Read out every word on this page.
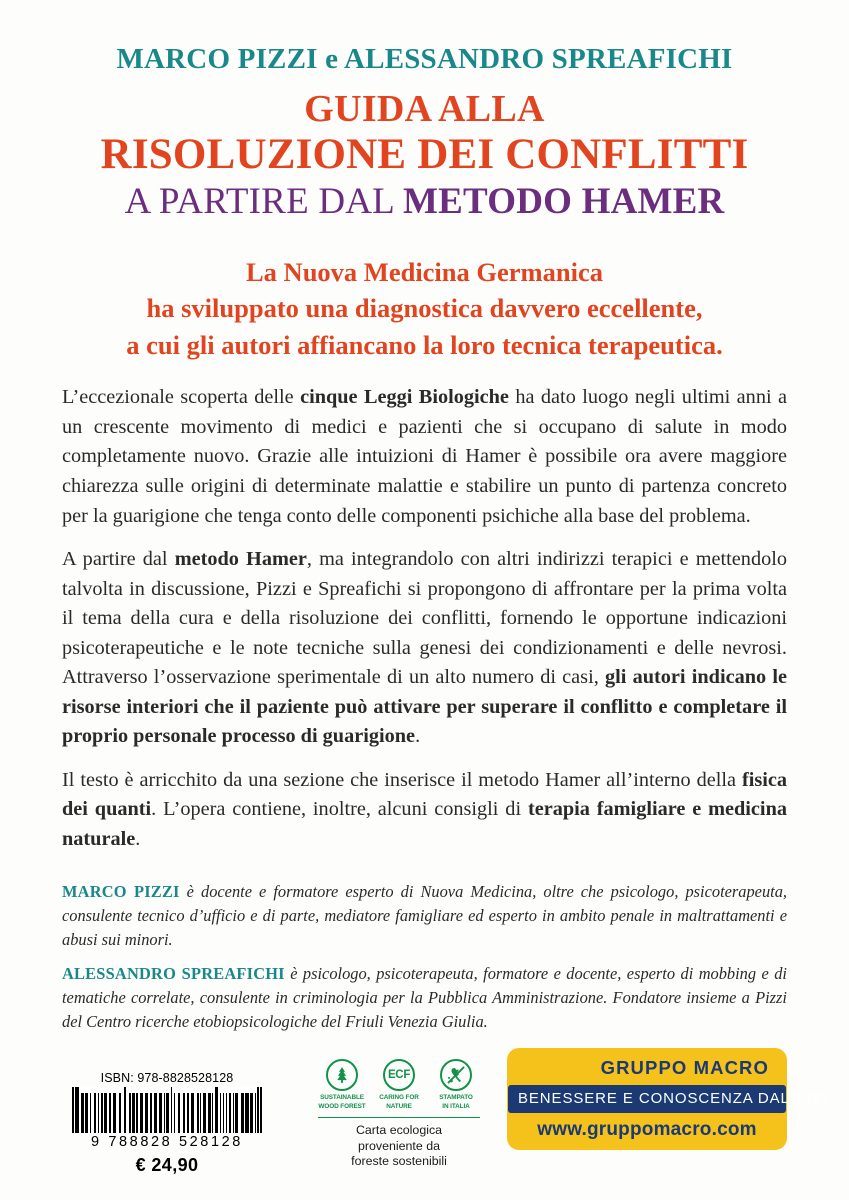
MARCO PIZZI e ALESSANDRO SPREAFICHI
GUIDA ALLA
RISOLUZIONE DEI CONFLITTI
A PARTIRE DAL METODO HAMER
La Nuova Medicina Germanica
ha sviluppato una diagnostica davvero eccellente,
a cui gli autori affiancano la loro tecnica terapeutica.

L’eccezionale scoperta delle cinque Leggi Biologiche ha dato luogo negli ultimi anni a un crescente movimento di medici e pazienti che si occupano di salute in modo completamente nuovo. Grazie alle intuizioni di Hamer è possibile ora avere maggiore chiarezza sulle origini di determinate malattie e stabilire un punto di partenza concreto per la guarigione che tenga conto delle componenti psichiche alla base del problema.

A partire dal metodo Hamer, ma integrandolo con altri indirizzi terapici e mettendolo talvolta in discussione, Pizzi e Spreafichi si propongono di affrontare per la prima volta il tema della cura e della risoluzione dei conflitti, fornendo le opportune indicazioni psicoterapeutiche e le note tecniche sulla genesi dei condizionamenti e delle nevrosi. Attraverso l’osservazione sperimentale di un alto numero di casi, gli autori indicano le risorse interiori che il paziente può attivare per superare il conflitto e completare il proprio personale processo di guarigione.

Il testo è arricchito da una sezione che inserisce il metodo Hamer all’interno della fisica dei quanti. L’opera contiene, inoltre, alcuni consigli di terapia famigliare e medicina naturale.

MARCO PIZZI è docente e formatore esperto di Nuova Medicina, oltre che psicologo, psicoterapeuta, consulente tecnico d’ufficio e di parte, mediatore famigliare ed esperto in ambito penale in maltrattamenti e abusi sui minori.

ALESSANDRO SPREAFICHI è psicologo, psicoterapeuta, formatore e docente, esperto di mobbing e di tematiche correlate, consulente in criminologia per la Pubblica Amministrazione. Fondatore insieme a Pizzi del Centro ricerche etobiopsicologiche del Friuli Venezia Giulia.

ISBN: 978-8828528128
9 788828 528128
€ 24,90
SUSTAINABLE
WOOD FOREST
ECF
CARING FOR
NATURE
STAMPATO
IN ITALIA
Carta ecologica
proveniente da
foreste sostenibili
GRUPPO MACRO
BENESSERE E CONOSCENZA DAL 1987
www.gruppomacro.com
